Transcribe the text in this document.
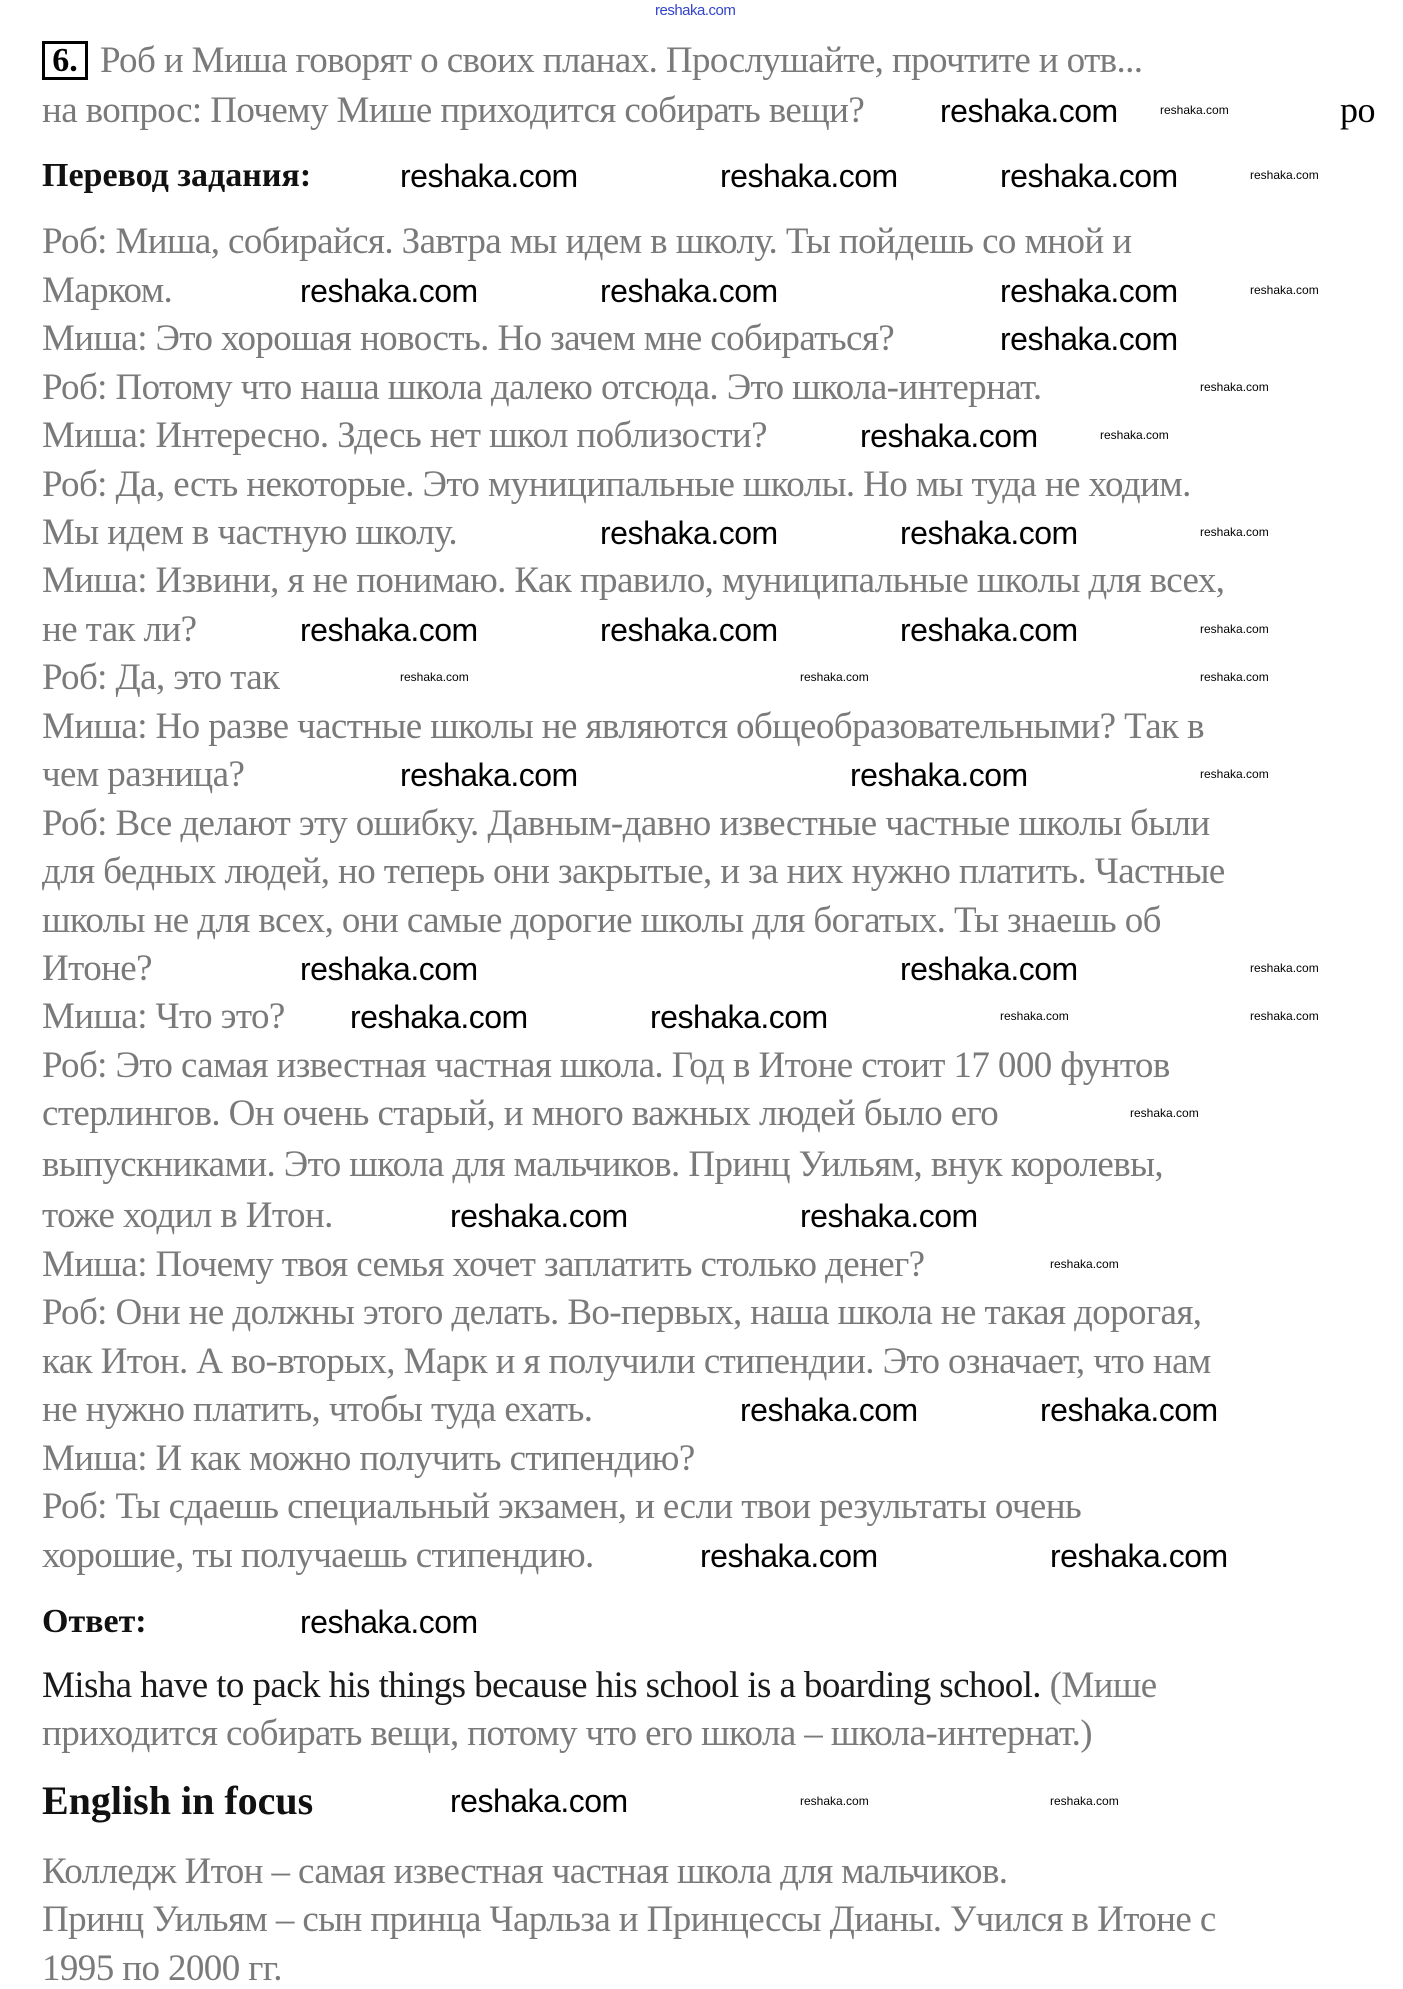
reshaka.com
6. Роб и Миша говорят о своих планах. Прослушайте, прочтите и отв...
на вопрос: Почему Мише приходится собирать вещи?	ро
Перевод задания:
Роб: Миша, собирайся. Завтра мы идем в школу. Ты пойдешь со мной и
Марком.
Миша: Это хорошая новость. Но зачем мне собираться?
Роб: Потому что наша школа далеко отсюда. Это школа-интернат.
Миша: Интересно. Здесь нет школ поблизости?
Роб: Да, есть некоторые. Это муниципальные школы. Но мы туда не ходим.
Мы идем в частную школу.
Миша: Извини, я не понимаю. Как правило, муниципальные школы для всех,
не так ли?
Роб: Да, это так
Миша: Но разве частные школы не являются общеобразовательными? Так в
чем разница?
Роб: Все делают эту ошибку. Давным-давно известные частные школы были
для бедных людей, но теперь они закрытые, и за них нужно платить. Частные
школы не для всех, они самые дорогие школы для богатых. Ты знаешь об
Итоне?
Миша: Что это?
Роб: Это самая известная частная школа. Год в Итоне стоит 17 000 фунтов
стерлингов. Он очень старый, и много важных людей было его
выпускниками. Это школа для мальчиков. Принц Уильям, внук королевы,
тоже ходил в Итон.
Миша: Почему твоя семья хочет заплатить столько денег?
Роб: Они не должны этого делать. Во-первых, наша школа не такая дорогая,
как Итон. А во-вторых, Марк и я получили стипендии. Это означает, что нам
не нужно платить, чтобы туда ехать.
Миша: И как можно получить стипендию?
Роб: Ты сдаешь специальный экзамен, и если твои результаты очень
хорошие, ты получаешь стипендию.
Ответ:
Misha have to pack his things because his school is a boarding school. (Мише
приходится собирать вещи, потому что его школа – школа-интернат.)
English in focus
Колледж Итон – самая известная частная школа для мальчиков.
Принц Уильям – сын принца Чарльза и Принцессы Дианы. Учился в Итоне с
1995 по 2000 гг.
reshaka.com
reshaka.com	reshaka.com	reshaka.com
reshaka.com	reshaka.com	reshaka.com
reshaka.com
reshaka.com
reshaka.com	reshaka.com
reshaka.com	reshaka.com	reshaka.com
reshaka.com	reshaka.com
reshaka.com	reshaka.com
reshaka.com	reshaka.com
reshaka.com	reshaka.com
reshaka.com	reshaka.com
reshaka.com	reshaka.com
reshaka.com
reshaka.com
reshaka.com
reshaka.com
reshaka.com
reshaka.com
reshaka.com
reshaka.com
reshaka.com
reshaka.com	reshaka.com	reshaka.com
reshaka.com
reshaka.com
reshaka.com	reshaka.com
reshaka.com
reshaka.com
reshaka.com	reshaka.com
